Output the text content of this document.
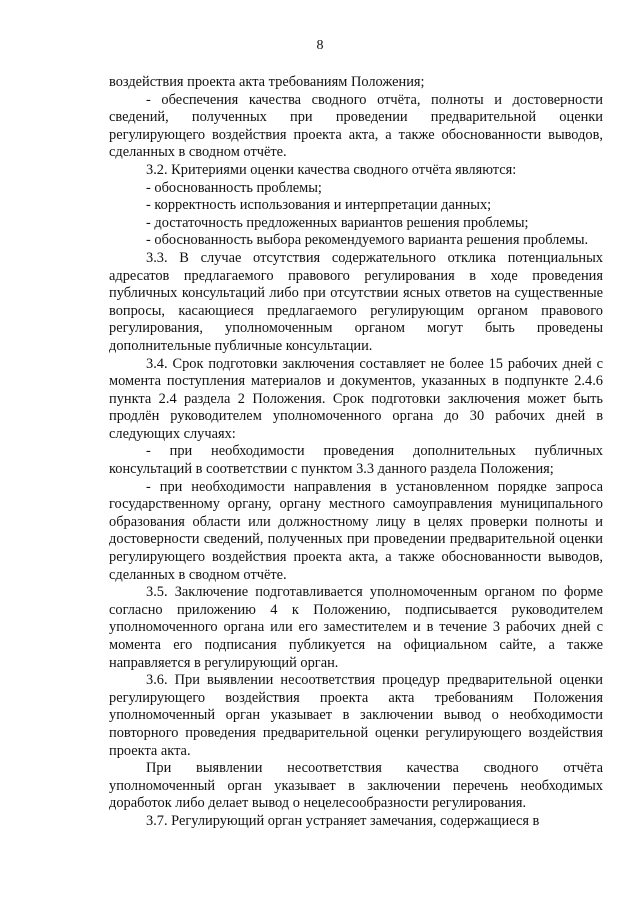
8

воздействия проекта акта требованиям Положения;

- обеспечения качества сводного отчёта, полноты и достоверности сведений, полученных при проведении предварительной оценки регулирующего воздействия проекта акта, а также обоснованности выводов, сделанных в сводном отчёте.

3.2. Критериями оценки качества сводного отчёта являются:

- обоснованность проблемы;

- корректность использования и интерпретации данных;

- достаточность предложенных вариантов решения проблемы;

- обоснованность выбора рекомендуемого варианта решения проблемы.

3.3. В случае отсутствия содержательного отклика потенциальных адресатов предлагаемого правового регулирования в ходе проведения публичных консультаций либо при отсутствии ясных ответов на существенные вопросы, касающиеся предлагаемого регулирующим органом правового регулирования, уполномоченным органом могут быть проведены дополнительные публичные консультации.

3.4. Срок подготовки заключения составляет не более 15 рабочих дней с момента поступления материалов и документов, указанных в подпункте 2.4.6 пункта 2.4 раздела 2 Положения. Срок подготовки заключения может быть продлён руководителем уполномоченного органа до 30 рабочих дней в следующих случаях:

- при необходимости проведения дополнительных публичных консультаций в соответствии с пунктом 3.3 данного раздела Положения;

- при необходимости направления в установленном порядке запроса государственному органу, органу местного самоуправления муниципального образования области или должностному лицу в целях проверки полноты и достоверности сведений, полученных при проведении предварительной оценки регулирующего воздействия проекта акта, а также обоснованности выводов, сделанных в сводном отчёте.

3.5. Заключение подготавливается уполномоченным органом по форме согласно приложению 4 к Положению, подписывается руководителем уполномоченного органа или его заместителем и в течение 3 рабочих дней с момента его подписания публикуется на официальном сайте, а также направляется в регулирующий орган.

3.6. При выявлении несоответствия процедур предварительной оценки регулирующего воздействия проекта акта требованиям Положения уполномоченный орган указывает в заключении вывод о необходимости повторного проведения предварительной оценки регулирующего воздействия проекта акта.

При выявлении несоответствия качества сводного отчёта уполномоченный орган указывает в заключении перечень необходимых доработок либо делает вывод о нецелесообразности регулирования.

3.7. Регулирующий орган устраняет замечания, содержащиеся в
